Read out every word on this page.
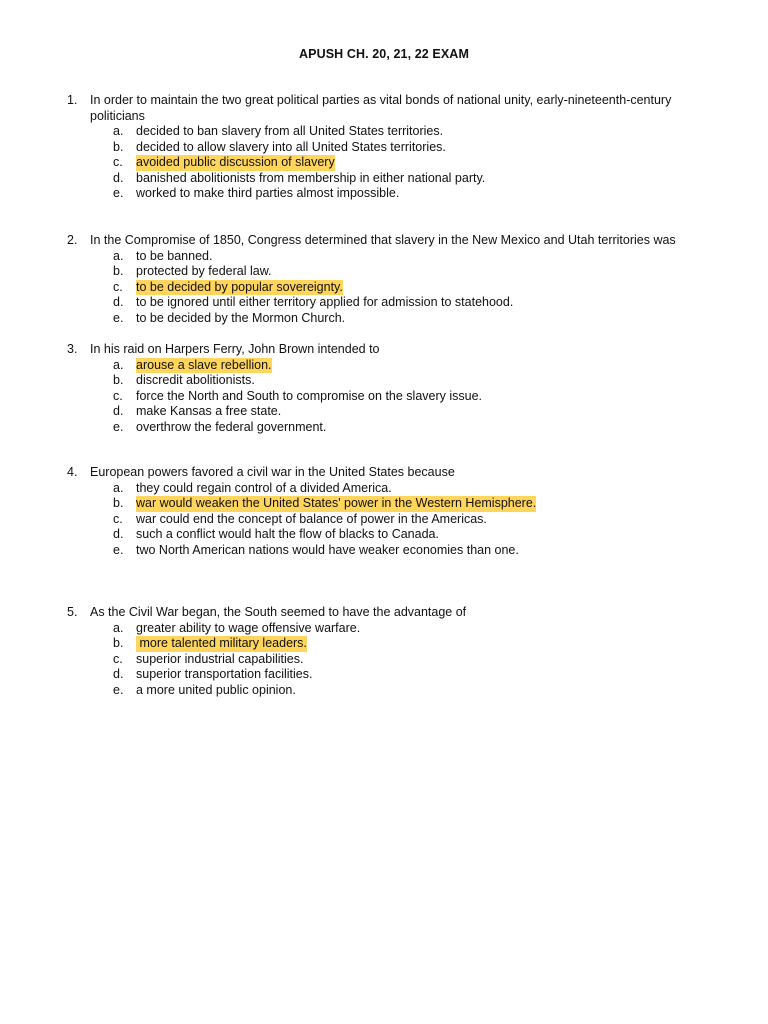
APUSH CH. 20, 21, 22 EXAM
1.	In order to maintain the two great political parties as vital bonds of national unity, early-nineteenth-century politicians
a.	decided to ban slavery from all United States territories.
b.	decided to allow slavery into all United States territories.
c.	avoided public discussion of slavery
d.	banished abolitionists from membership in either national party.
e.	worked to make third parties almost impossible.
2.	In the Compromise of 1850, Congress determined that slavery in the New Mexico and Utah territories was
a.	to be banned.
b.	protected by federal law.
c.	to be decided by popular sovereignty.
d.	to be ignored until either territory applied for admission to statehood.
e.	to be decided by the Mormon Church.
3.	In his raid on Harpers Ferry, John Brown intended to
a.	arouse a slave rebellion.
b.	discredit abolitionists.
c.	force the North and South to compromise on the slavery issue.
d.	make Kansas a free state.
e.	overthrow the federal government.
4.	European powers favored a civil war in the United States because
a.	they could regain control of a divided America.
b.	war would weaken the United States' power in the Western Hemisphere.
c.	war could end the concept of balance of power in the Americas.
d.	such a conflict would halt the flow of blacks to Canada.
e.	two North American nations would have weaker economies than one.
5.	As the Civil War began, the South seemed to have the advantage of
a.	greater ability to wage offensive warfare.
b.	more talented military leaders.
c.	superior industrial capabilities.
d.	superior transportation facilities.
e.	a more united public opinion.
